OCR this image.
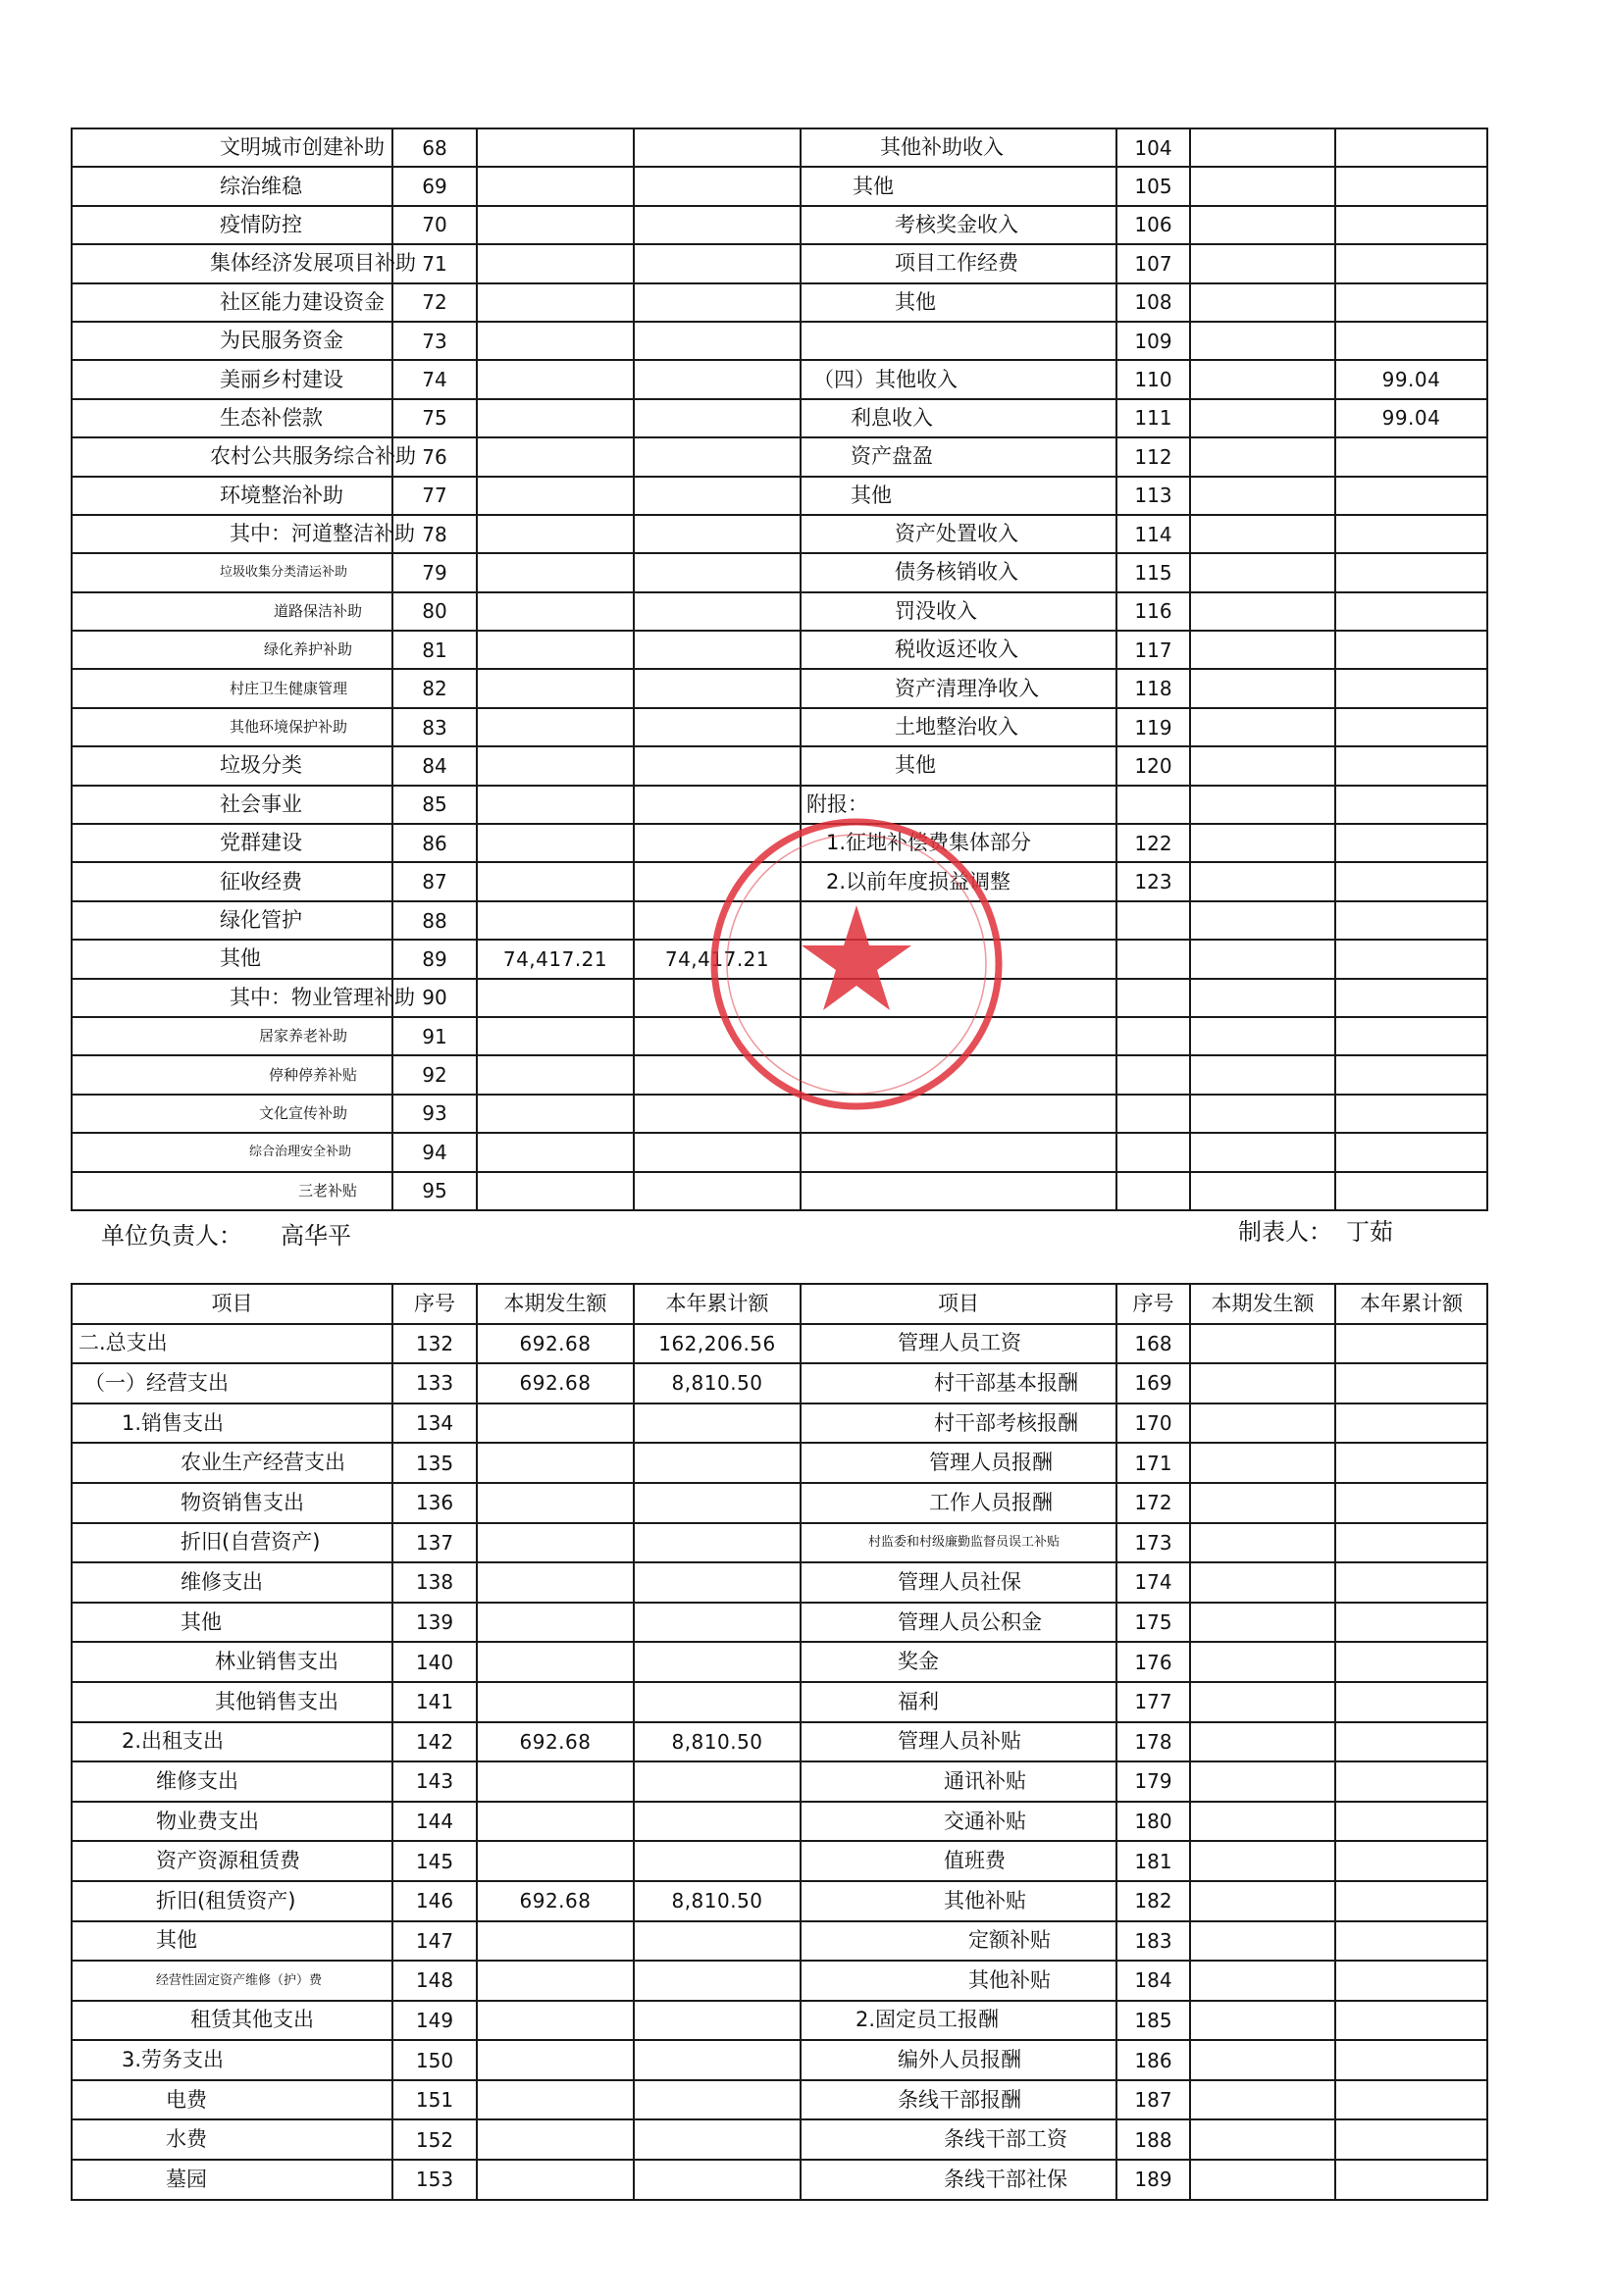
文明城市创建补助	68			其他补助收入	104		
综治维稳	69			其他	105		
疫情防控	70			考核奖金收入	106		
集体经济发展项目补助	71			项目工作经费	107		
社区能力建设资金	72			其他	108		
为民服务资金	73				109		
美丽乡村建设	74			（四）其他收入	110		99.04
生态补偿款	75			利息收入	111		99.04
农村公共服务综合补助	76			资产盘盈	112		
环境整治补助	77			其他	113		
其中：河道整洁补助	78			资产处置收入	114		
垃圾收集分类清运补助	79			债务核销收入	115		
道路保洁补助	80			罚没收入	116		
绿化养护补助	81			税收返还收入	117		
村庄卫生健康管理	82			资产清理净收入	118		
其他环境保护补助	83			土地整治收入	119		
垃圾分类	84			其他	120		
社会事业	85			附报：			
党群建设	86			1.征地补偿费集体部分	122		
征收经费	87			2.以前年度损益调整	123		
绿化管护	88						
其他	89	74,417.21	74,417.21				
其中：物业管理补助	90						
居家养老补助	91						
停种停养补贴	92						
文化宣传补助	93						
综合治理安全补助	94						
三老补贴	95						
单位负责人： 高华平	制表人： 丁茹
项目	序号	本期发生额	本年累计额	项目	序号	本期发生额	本年累计额
二.总支出	132	692.68	162,206.56	管理人员工资	168		
（一）经营支出	133	692.68	8,810.50	村干部基本报酬	169		
1.销售支出	134			村干部考核报酬	170		
农业生产经营支出	135			管理人员报酬	171		
物资销售支出	136			工作人员报酬	172		
折旧(自营资产)	137			村监委和村级廉勤监督员误工补贴	173		
维修支出	138			管理人员社保	174		
其他	139			管理人员公积金	175		
林业销售支出	140			奖金	176		
其他销售支出	141			福利	177		
2.出租支出	142	692.68	8,810.50	管理人员补贴	178		
维修支出	143			通讯补贴	179		
物业费支出	144			交通补贴	180		
资产资源租赁费	145			值班费	181		
折旧(租赁资产)	146	692.68	8,810.50	其他补贴	182		
其他	147			定额补贴	183		
经营性固定资产维修（护）费	148			其他补贴	184		
租赁其他支出	149			2.固定员工报酬	185		
3.劳务支出	150			编外人员报酬	186		
电费	151			条线干部报酬	187		
水费	152			条线干部工资	188		
墓园	153			条线干部社保	189		
